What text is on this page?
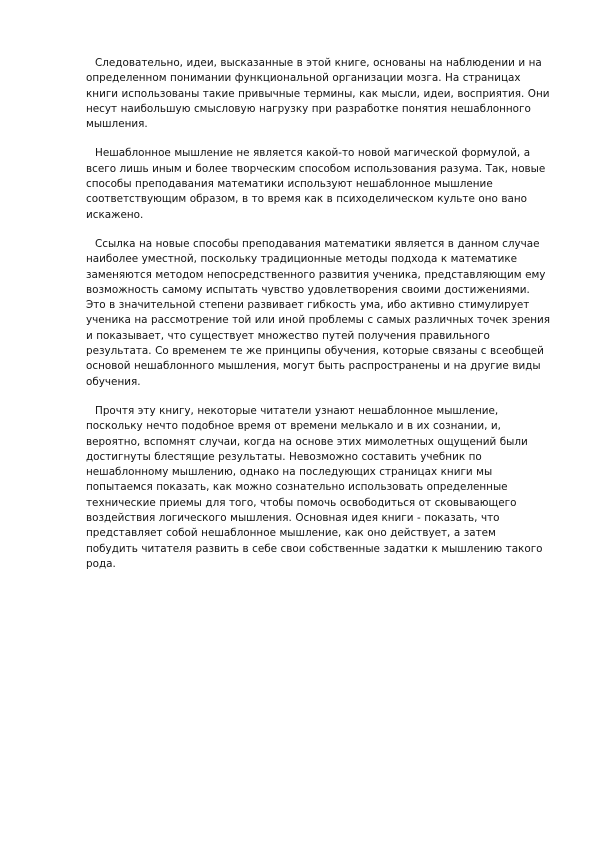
Следовательно, идеи, высказанные в этой книге, основаны на наблюдении и на определенном понимании функциональной организации мозга. На страницах книги использованы такие привычные термины, как мысли, идеи, восприятия. Они несут наибольшую смысловую нагрузку при разработке понятия нешаблонного мышления.

Нешаблонное мышление не является какой-то новой магической формулой, а всего лишь иным и более творческим способом использования разума. Так, новые способы преподавания математики используют нешаблонное мышление соответствующим образом, в то время как в психоделическом культе оно вано искажено.

Ссылка на новые способы преподавания математики является в данном случае наиболее уместной, поскольку традиционные методы подхода к математике заменяются методом непосредственного развития ученика, представляющим ему возможность самому испытать чувство удовлетворения своими достижениями. Это в значительной степени развивает гибкость ума, ибо активно стимулирует ученика на рассмотрение той или иной проблемы с самых различных точек зрения и показывает, что существует множество путей получения правильного результата. Со временем те же принципы обучения, которые связаны с всеобщей основой нешаблонного мышления, могут быть распространены и на другие виды обучения.

Прочтя эту книгу, некоторые читатели узнают нешаблонное мышление, поскольку нечто подобное время от времени мелькало и в их сознании, и, вероятно, вспомнят случаи, когда на основе этих мимолетных ощущений были достигнуты блестящие результаты. Невозможно составить учебник по нешаблонному мышлению, однако на последующих страницах книги мы попытаемся показать, как можно сознательно использовать определенные технические приемы для того, чтобы помочь освободиться от сковывающего воздействия логического мышления. Основная идея книги - показать, что представляет собой нешаблонное мышление, как оно действует, а затем побудить читателя развить в себе свои собственные задатки к мышлению такого рода.
